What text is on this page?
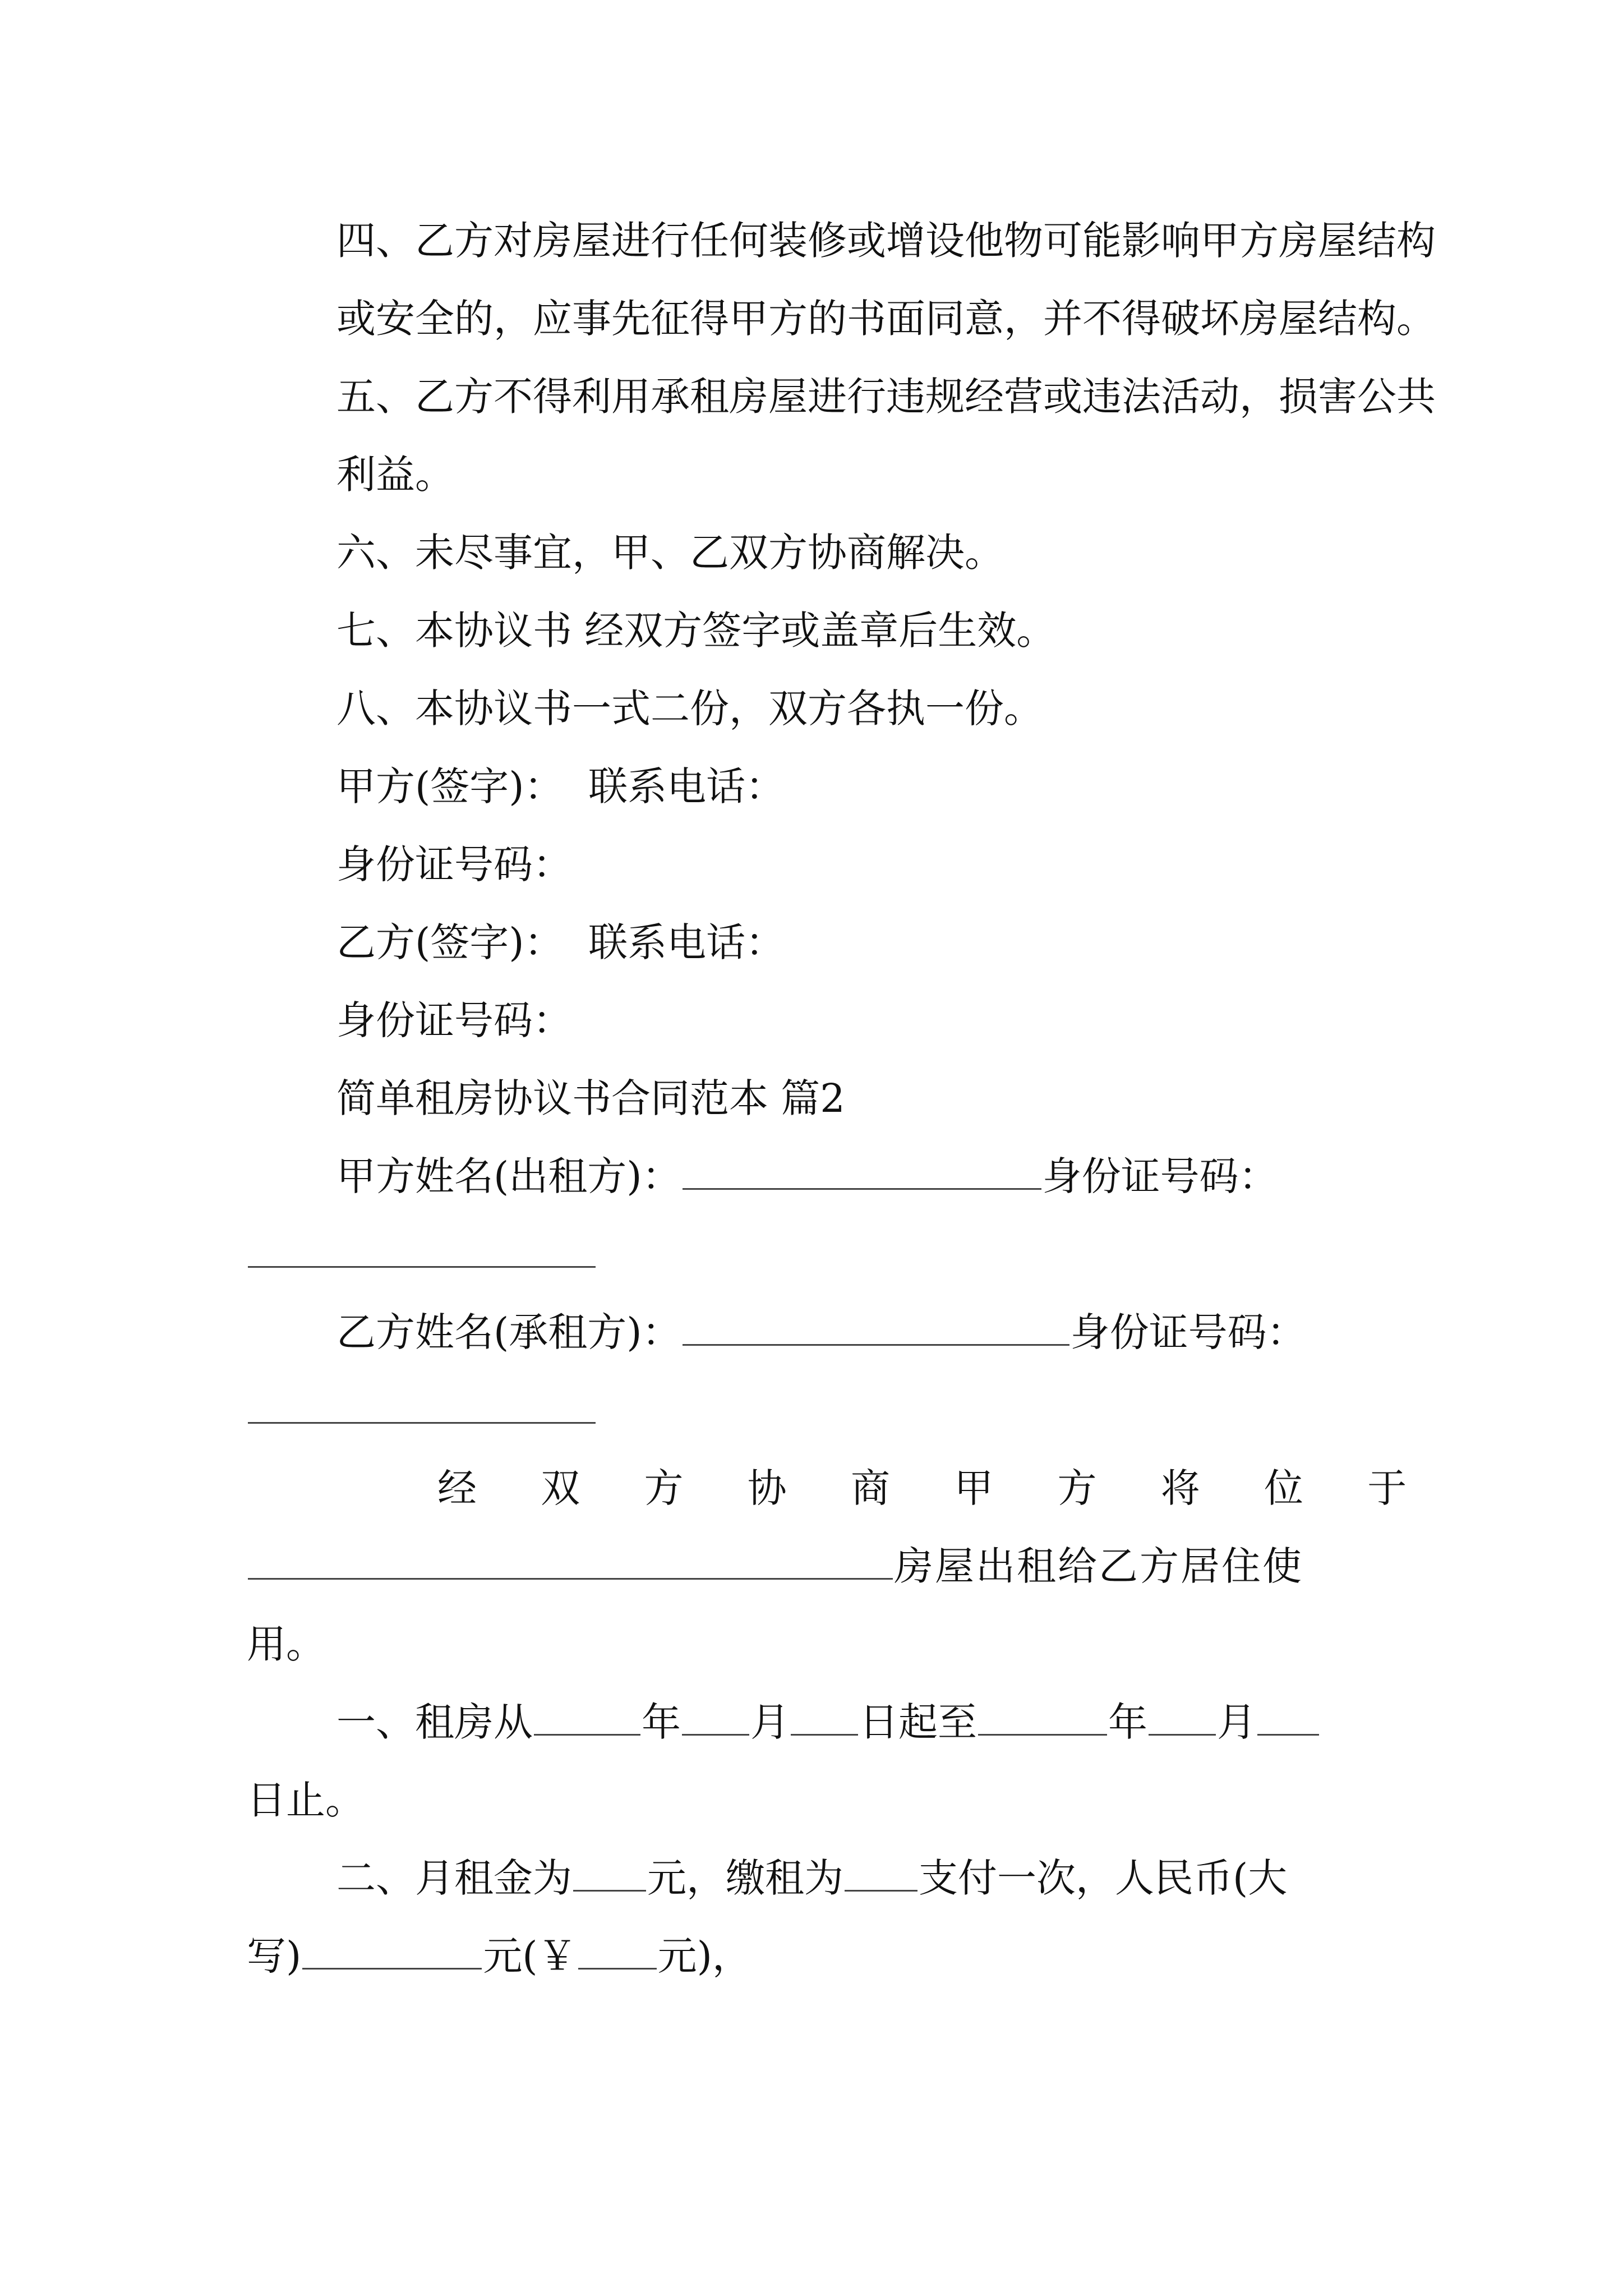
四、乙方对房屋进行任何装修或增设他物可能影响甲方房屋结构或安全的，应事先征得甲方的书面同意，并不得破坏房屋结构。
五、乙方不得利用承租房屋进行违规经营或违法活动，损害公共利益。
六、未尽事宜，甲、乙双方协商解决。
七、本协议书 经双方签字或盖章后生效。
八、本协议书一式二份，双方各执一份。
甲方(签字)：  联系电话：
身份证号码：
乙方(签字)：  联系电话：
身份证号码：
简单租房协议书合同范本 篇2
甲方姓名(出租方)：	身份证号码：
乙方姓名(承租方)：	身份证号码：
经 双 方 协 商 甲 方 将 位 于
房屋出租给乙方居住使
用。
一、租房从	年 月 日起至	年 月
日止。
二、月租金为 元，缴租为 支付一次，人民币(大
写)	元(￥ 元)，
